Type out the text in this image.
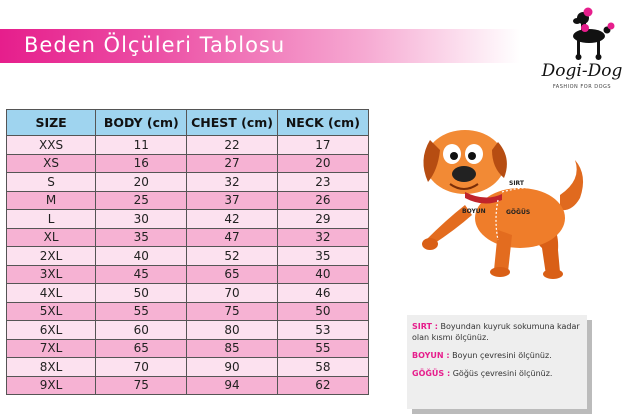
Beden Ölçüleri Tablosu
Dogi-Dog
FASHION FOR DOGS
SIZE	BODY (cm)	CHEST (cm)	NECK (cm)
XXS	11	22	17
XS	16	27	20
S	20	32	23
M	25	37	26
L	30	42	29
XL	35	47	32
2XL	40	52	35
3XL	45	65	40
4XL	50	70	46
5XL	55	75	50
6XL	60	80	53
7XL	65	85	55
8XL	70	90	58
9XL	75	94	62
SIRT
BOYUN	GÖĞÜS

SIRT : Boyundan kuyruk sokumuna kadar olan kısmı ölçünüz.

BOYUN : Boyun çevresini ölçünüz.

GÖĞÜS : Göğüs çevresini ölçünüz.
